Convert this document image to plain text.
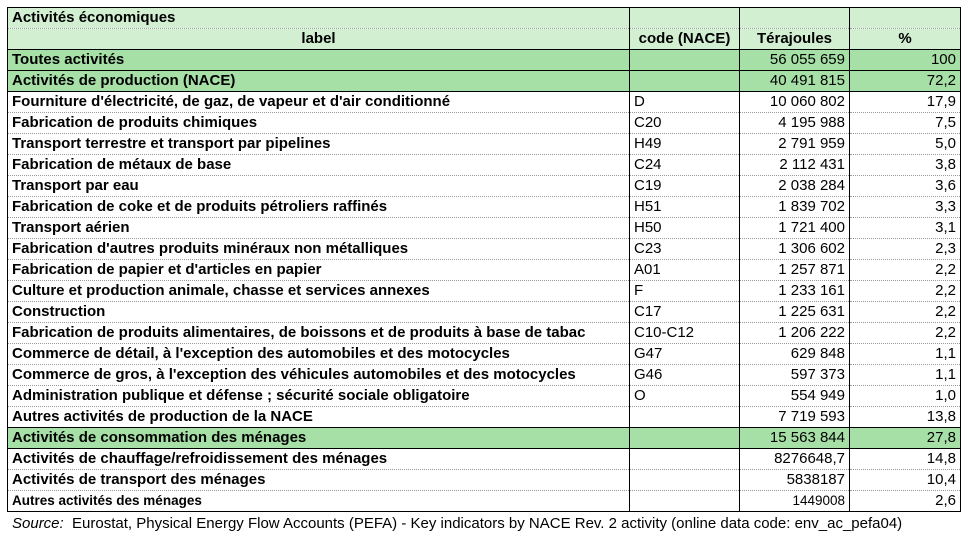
Activités économiques			
label	code (NACE)	Térajoules	%
Toutes activités		56 055 659	100
Activités de production (NACE)		40 491 815	72,2
Fourniture d'électricité, de gaz, de vapeur et d'air conditionné	D	10 060 802	17,9
Fabrication de produits chimiques	C20	4 195 988	7,5
Transport terrestre et transport par pipelines	H49	2 791 959	5,0
Fabrication de métaux de base	C24	2 112 431	3,8
Transport par eau	C19	2 038 284	3,6
Fabrication de coke et de produits pétroliers raffinés	H51	1 839 702	3,3
Transport aérien	H50	1 721 400	3,1
Fabrication d'autres produits minéraux non métalliques	C23	1 306 602	2,3
Fabrication de papier et d'articles en papier	A01	1 257 871	2,2
Culture et production animale, chasse et services annexes	F	1 233 161	2,2
Construction	C17	1 225 631	2,2
Fabrication de produits alimentaires, de boissons et de produits à base de tabac	C10-C12	1 206 222	2,2
Commerce de détail, à l'exception des automobiles et des motocycles	G47	629 848	1,1
Commerce de gros, à l'exception des véhicules automobiles et des motocycles	G46	597 373	1,1
Administration publique et défense ; sécurité sociale obligatoire	O	554 949	1,0
Autres activités de production de la NACE		7 719 593	13,8
Activités de consommation des ménages		15 563 844	27,8
Activités de chauffage/refroidissement des ménages		8276648,7	14,8
Activités de transport des ménages		5838187	10,4
Autres activités des ménages		1449008	2,6
Source: Eurostat, Physical Energy Flow Accounts (PEFA) - Key indicators by NACE Rev. 2 activity (online data code: env_ac_pefa04)
